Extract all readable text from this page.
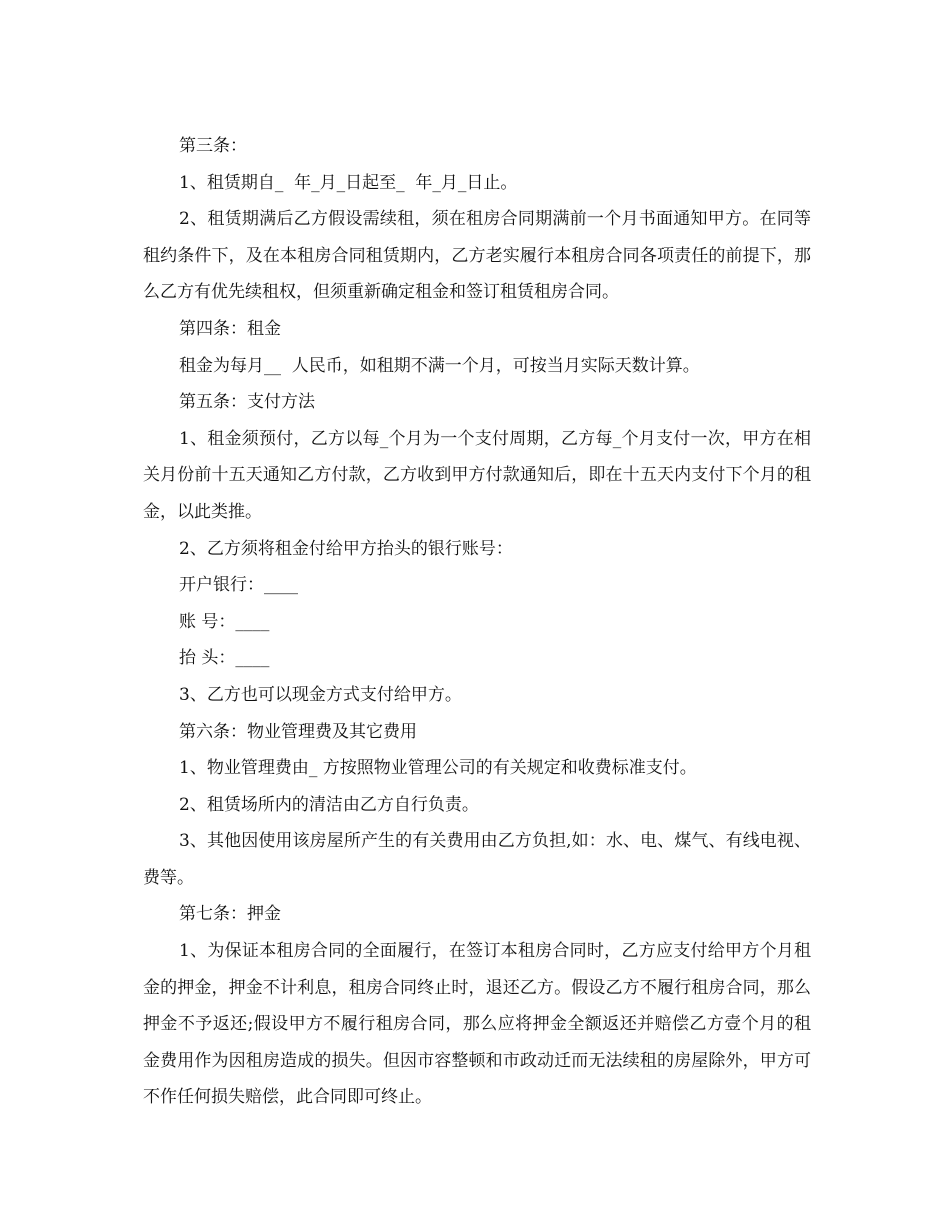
第三条：

1、租赁期自_  年_月_日起至_  年_月_日止。

2、租赁期满后乙方假设需续租，须在租房合同期满前一个月书面通知甲方。在同等租约条件下，及在本租房合同租赁期内，乙方老实履行本租房合同各项责任的前提下，那么乙方有优先续租权，但须重新确定租金和签订租赁租房合同。

第四条：租金

租金为每月__  人民币，如租期不满一个月，可按当月实际天数计算。

第五条：支付方法

1、租金须预付，乙方以每_个月为一个支付周期，乙方每_个月支付一次，甲方在相关月份前十五天通知乙方付款，乙方收到甲方付款通知后，即在十五天内支付下个月的租金，以此类推。

2、乙方须将租金付给甲方抬头的银行账号：

开户银行：____

账 号：____

抬 头：____

3、乙方也可以现金方式支付给甲方。

第六条：物业管理费及其它费用

1、物业管理费由_ 方按照物业管理公司的有关规定和收费标准支付。

2、租赁场所内的清洁由乙方自行负责。

3、其他因使用该房屋所产生的有关费用由乙方负担,如：水、电、煤气、有线电视、  费等。

第七条：押金

1、为保证本租房合同的全面履行，在签订本租房合同时，乙方应支付给甲方个月租金的押金，押金不计利息，租房合同终止时，退还乙方。假设乙方不履行租房合同，那么押金不予返还;假设甲方不履行租房合同，那么应将押金全额返还并赔偿乙方壹个月的租金费用作为因租房造成的损失。但因市容整顿和市政动迁而无法续租的房屋除外，甲方可不作任何损失赔偿，此合同即可终止。
